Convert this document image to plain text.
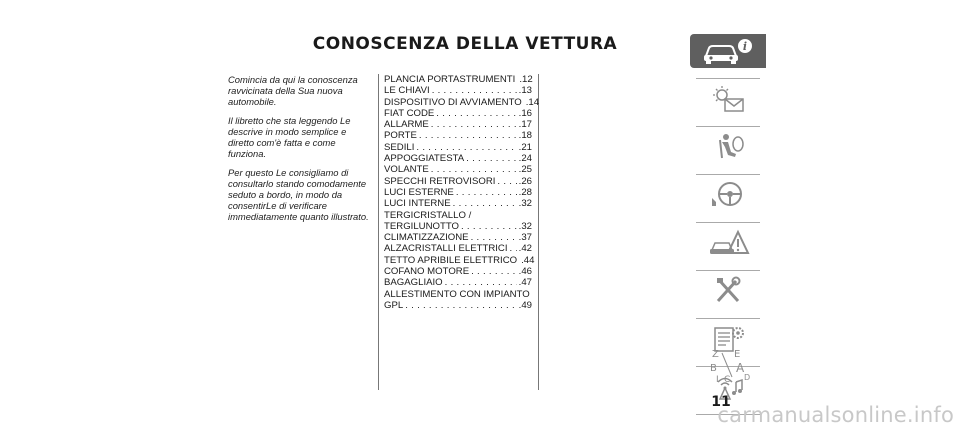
CONOSCENZA DELLA VETTURA

Comincia da qui la conoscenza ravvicinata della Sua nuova automobile.

Il libretto che sta leggendo Le descrive in modo semplice e diretto com'è fatta e come funziona.

Per questo Le consigliamo di consultarlo stando comodamente seduto a bordo, in modo da consentirLe di verificare immediatamente quanto illustrato.

PLANCIA PORTASTRUMENTI .12
LE CHIAVI . . .	.13
DISPOSITIVO DI AVVIAMENTO .14
FIAT CODE . . .	.16
ALLARME . . .	.17
PORTE . . .	.18
SEDILI . . .	.21
APPOGGIATESTA . . .	.24
VOLANTE . . .	.25
SPECCHI RETROVISORI . . . .26
LUCI ESTERNE . . .	.28
LUCI INTERNE . . .	.32
TERGICRISTALLO /
TERGILUNOTTO . . .	.32
CLIMATIZZAZIONE . . .	.37
ALZACRISTALLI ELETTRICI . . . .42
TETTO APRIBILE ELETTRICO .44
COFANO MOTORE . . .	.46
BAGAGLIAIO . . .	.47
ALLESTIMENTO CON IMPIANTO
GPL . . .	.49
i
Z E
B A
I C D
11
carmanualsonline.info
